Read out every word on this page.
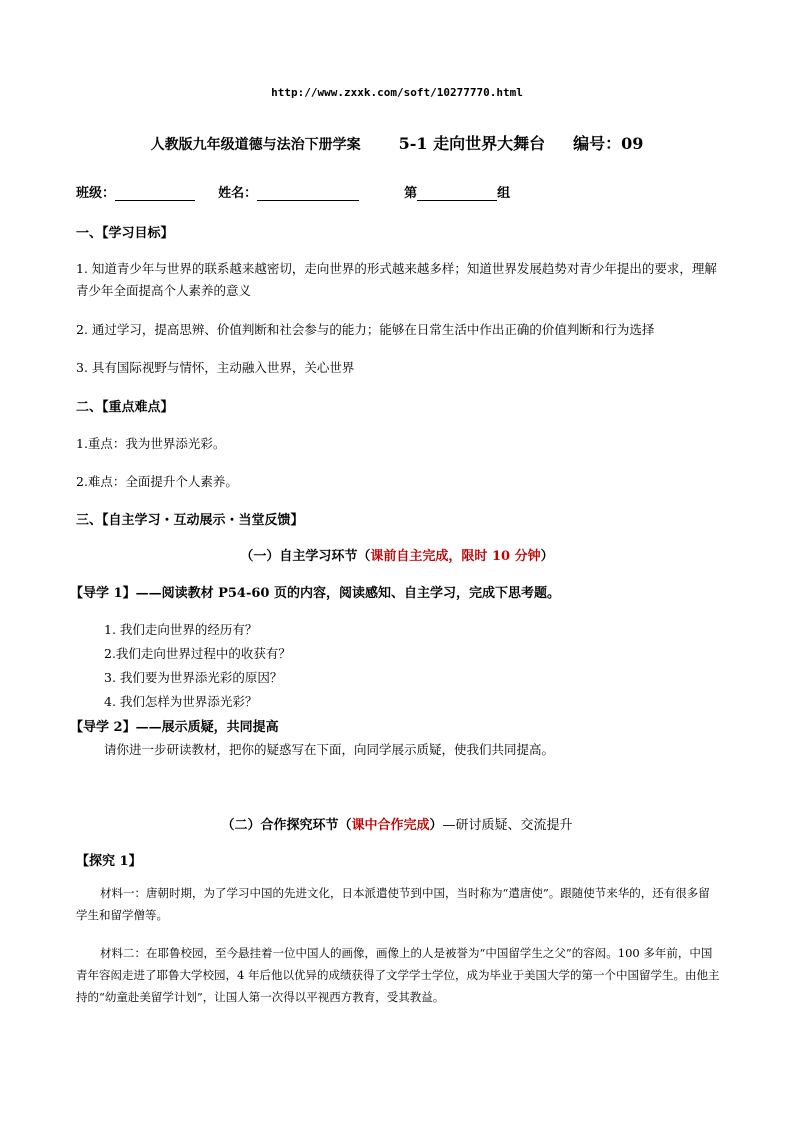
http://www.zxxk.com/soft/10277770.html
人教版九年级道德与法治下册学案 5-1 走向世界大舞台 编号：09
班级：	姓名：	第	组
一、【学习目标】
1. 知道青少年与世界的联系越来越密切，走向世界的形式越来越多样；知道世界发展趋势对青少年提出的要求，理解青少年全面提高个人素养的意义
2. 通过学习，提高思辨、价值判断和社会参与的能力；能够在日常生活中作出正确的价值判断和行为选择
3. 具有国际视野与情怀，主动融入世界，关心世界
二、【重点难点】
1.重点：我为世界添光彩。
2.难点：全面提升个人素养。
三、【自主学习・互动展示・当堂反馈】
（一）自主学习环节（课前自主完成，限时 10 分钟）
【导学 1】——阅读教材 P54-60 页的内容，阅读感知、自主学习，完成下思考题。
1. 我们走向世界的经历有？
2.我们走向世界过程中的收获有？
3. 我们要为世界添光彩的原因？
4. 我们怎样为世界添光彩？
【导学 2】——展示质疑，共同提高
请你进一步研读教材，把你的疑惑写在下面，向同学展示质疑，使我们共同提高。
（二）合作探究环节（课中合作完成）—研讨质疑、交流提升
【探究 1】
材料一：唐朝时期，为了学习中国的先进文化，日本派遣使节到中国，当时称为“遣唐使”。跟随使节来华的，还有很多留学生和留学僧等。
材料二：在耶鲁校园，至今悬挂着一位中国人的画像，画像上的人是被誉为“中国留学生之父”的容闳。100 多年前，中国青年容闳走进了耶鲁大学校园，4 年后他以优异的成绩获得了文学学士学位，成为毕业于美国大学的第一个中国留学生。由他主持的“幼童赴美留学计划”，让国人第一次得以平视西方教育，受其教益。
